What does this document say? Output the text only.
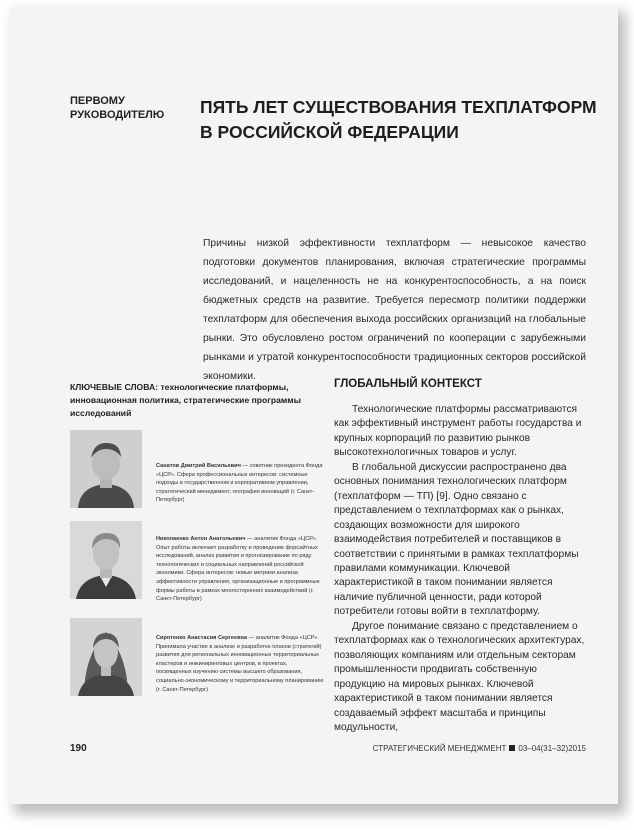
ПЕРВОМУ РУКОВОДИТЕЛЮ	ПЯТЬ ЛЕТ СУЩЕСТВОВАНИЯ ТЕХПЛАТФОРМ В РОССИЙСКОЙ ФЕДЕРАЦИИ
Причины низкой эффективности техплатформ — невысокое качество подготовки документов планирования, включая стратегические программы исследований, и нацеленность не на конкурентоспособность, а на поиск бюджетных средств на развитие. Требуется пересмотр политики поддержки техплатформ для обеспечения выхода российских организаций на глобальные рынки. Это обусловлено ростом ограничений по кооперации с зарубежными рынками и утратой конкурентоспособности традиционных секторов российской экономики.
КЛЮЧЕВЫЕ СЛОВА: технологические платформы, инновационная политика, стратегические программы исследований
Санатов Дмитрий Васильевич — советник президента Фонда «ЦСР». Сфера профессиональных интересов: системные подходы в государственном и корпоративном управлении, стратегический менеджмент, география инноваций (г. Санкт-Петербург)
Николаенко Антон Анатольевич — аналитик Фонда «ЦСР». Опыт работы включает разработку и проведение форсайтных исследований, анализ развития и прогнозирование по ряду технологических и социальных направлений российской экономики. Сфера интересов: новые метрики анализа эффективности управления, организационные и программные формы работы в рамках многосторонних взаимодействий (г. Санкт-Петербург)
Сиротенко Анастасия Сергеевна — аналитик Фонда «ЦСР». Принимала участие в анализе и разработке планов (стратегий) развития для региональных инновационных территориальных кластеров и инжиниринговых центров, в проектах, посвященных изучению системы высшего образования, социально-экономическому и территориальному планированию (г. Санкт-Петербург)
ГЛОБАЛЬНЫЙ КОНТЕКСТ

Технологические платформы рассматриваются как эффективный инструмент работы государства и крупных корпораций по развитию рынков высокотехнологичных товаров и услуг.

В глобальной дискуссии распространено два основных понимания технологических платформ (техплатформ — ТП) [9]. Одно связано с представлением о техплатформах как о рынках, создающих возможности для широкого взаимодействия потребителей и поставщиков в соответствии с принятыми в рамках техплатформы правилами коммуникации. Ключевой характеристикой в таком понимании является наличие публичной ценности, ради которой потребители готовы войти в техплатформу.

Другое понимание связано с представлением о техплатформах как о технологических архитектурах, позволяющих компаниям или отдельным секторам промышленности продвигать собственную продукцию на мировых рынках. Ключевой характеристикой в таком понимании является создаваемый эффект масштаба и принципы модульности,

190	СТРАТЕГИЧЕСКИЙ МЕНЕДЖМЕНТ 03–04(31–32)2015
